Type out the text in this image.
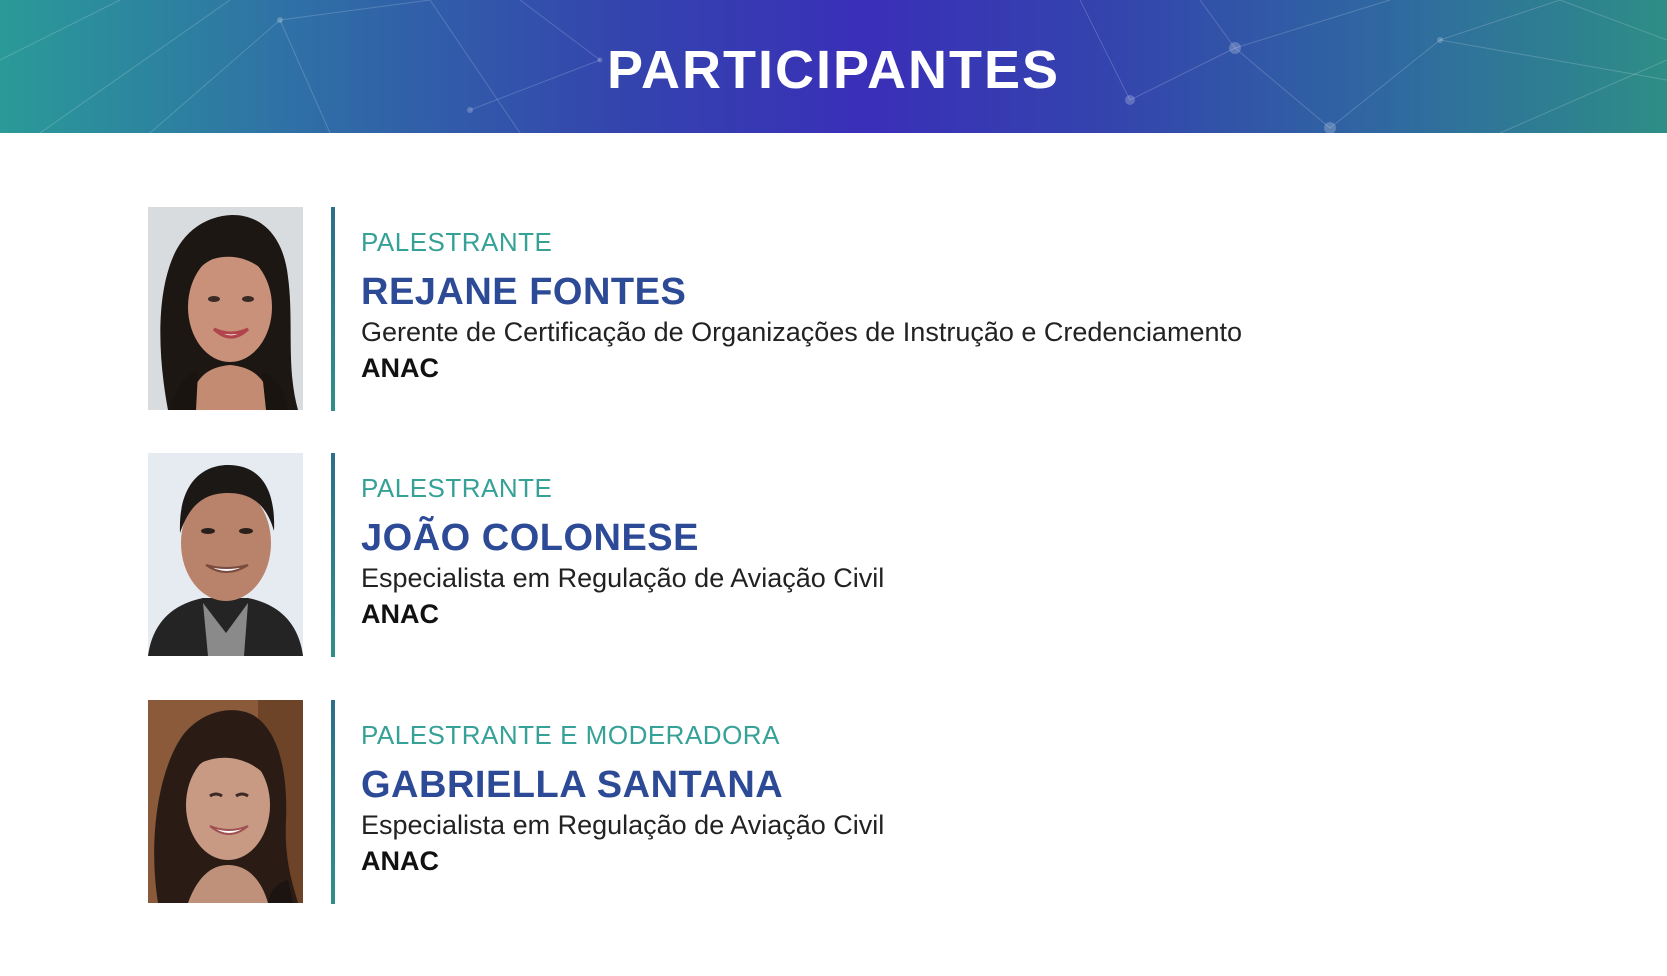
PARTICIPANTES
PALESTRANTE
REJANE FONTES
Gerente de Certificação de Organizações de Instrução e Credenciamento
ANAC
PALESTRANTE
JOÃO COLONESE
Especialista em Regulação de Aviação Civil
ANAC
PALESTRANTE E MODERADORA
GABRIELLA SANTANA
Especialista em Regulação de Aviação Civil
ANAC
